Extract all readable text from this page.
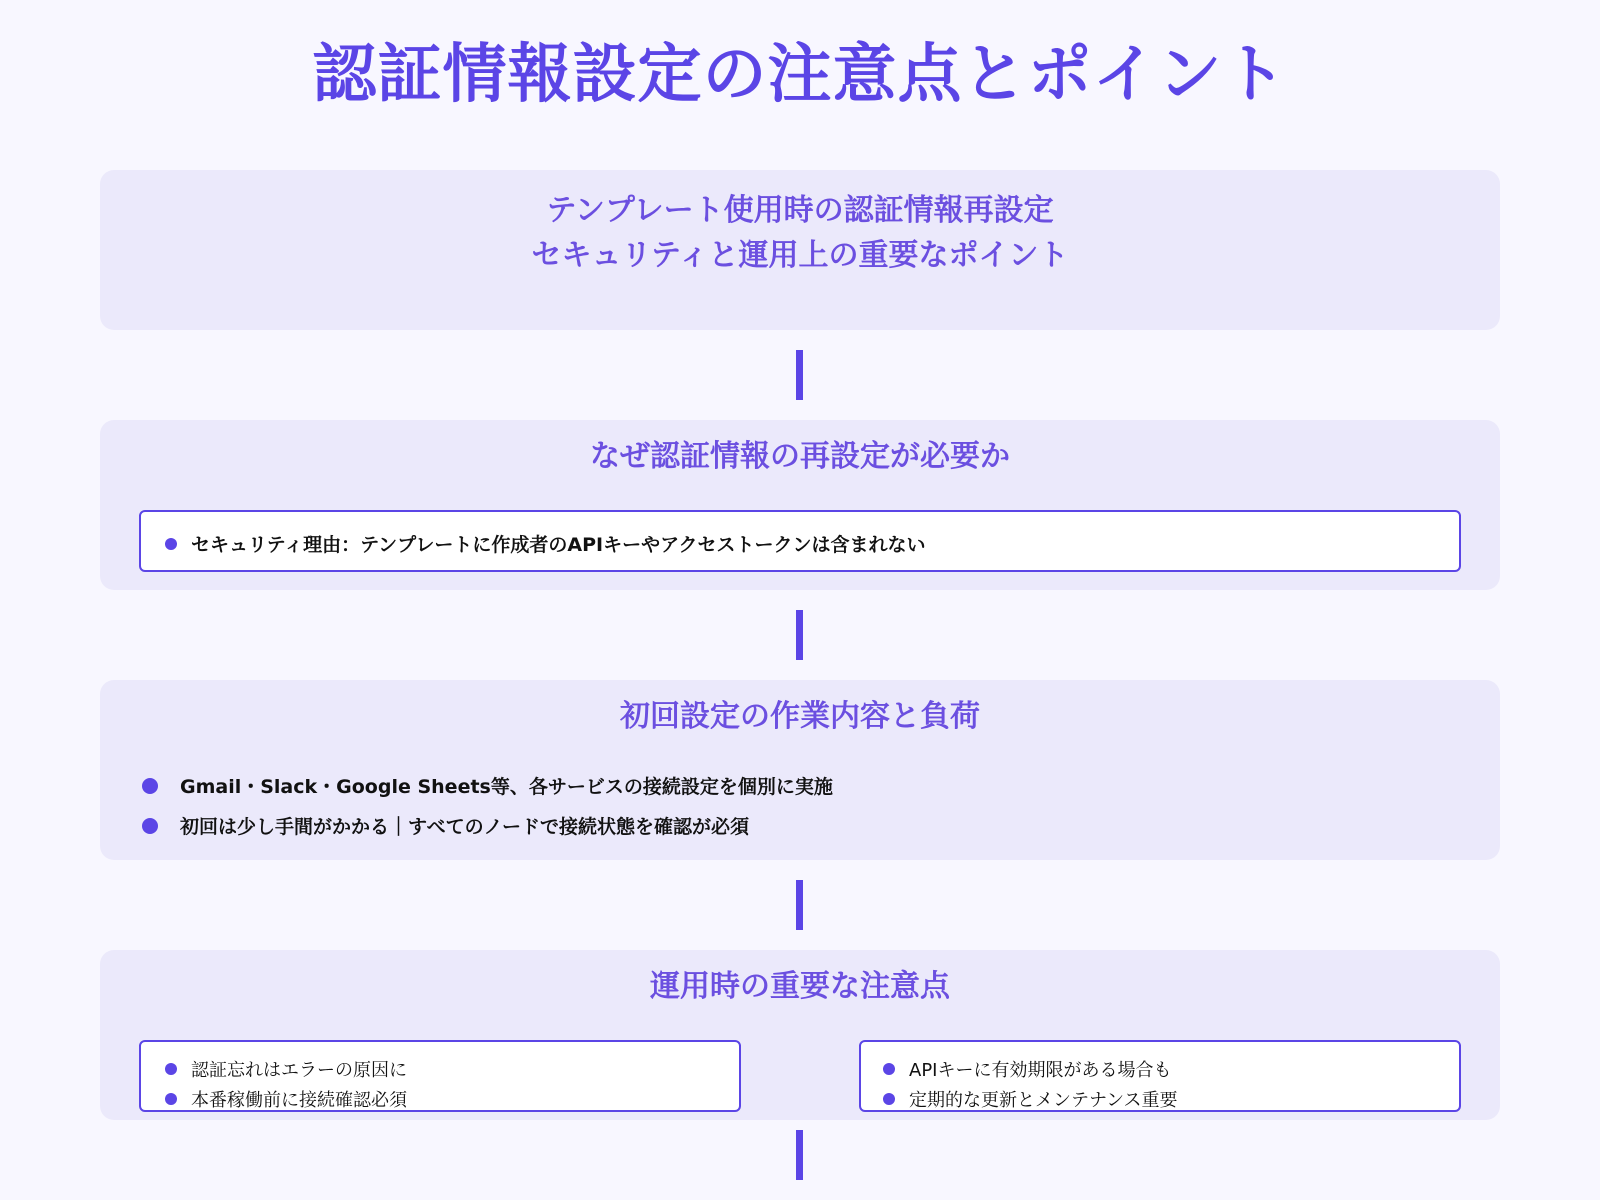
認証情報設定の注意点とポイント
テンプレート使用時の認証情報再設定
セキュリティと運用上の重要なポイント
なぜ認証情報の再設定が必要か
セキュリティ理由：テンプレートに作成者のAPIキーやアクセストークンは含まれない
初回設定の作業内容と負荷
Gmail・Slack・Google Sheets等、各サービスの接続設定を個別に実施
初回は少し手間がかかる｜すべてのノードで接続状態を確認が必須
運用時の重要な注意点
認証忘れはエラーの原因に
本番稼働前に接続確認必須
APIキーに有効期限がある場合も
定期的な更新とメンテナンス重要
